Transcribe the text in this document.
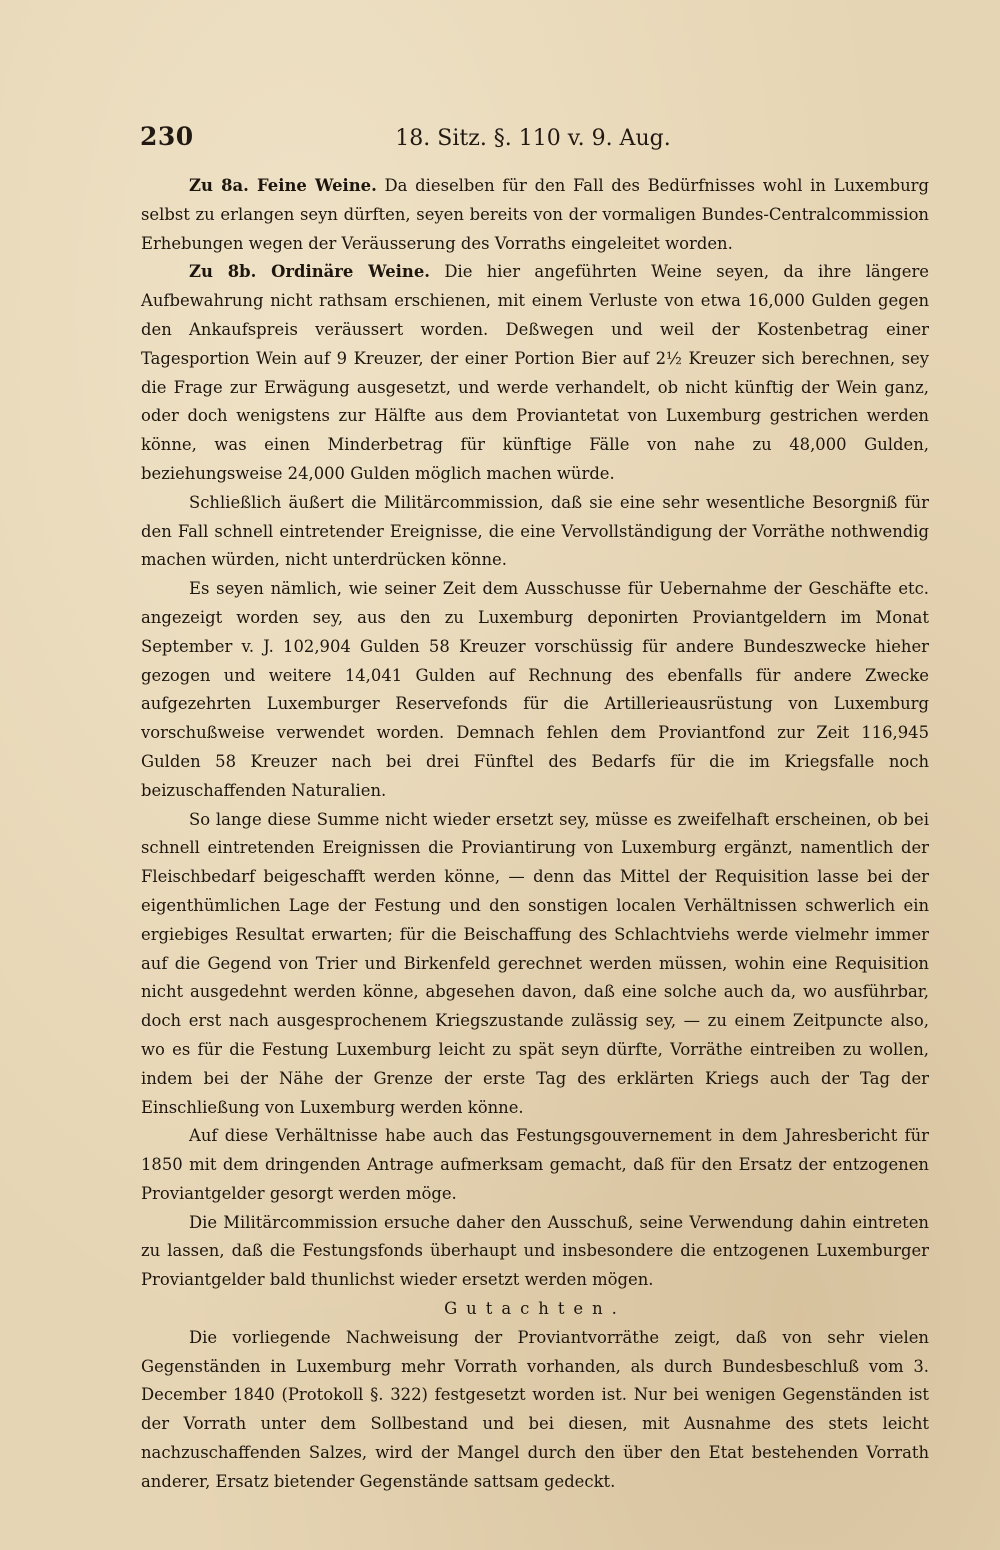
230	18. Sitz. §. 110 v. 9. Aug.

Zu 8a. Feine Weine. Da dieselben für den Fall des Bedürfnisses wohl in Luxemburg selbst zu erlangen seyn dürften, seyen bereits von der vormaligen Bundes-Centralcommission Erhebungen wegen der Veräusserung des Vorraths eingeleitet worden.

Zu 8b. Ordinäre Weine. Die hier angeführten Weine seyen, da ihre längere Aufbewahrung nicht rathsam erschienen, mit einem Verluste von etwa 16,000 Gulden gegen den Ankaufspreis veräussert worden. Deßwegen und weil der Kostenbetrag einer Tagesportion Wein auf 9 Kreuzer, der einer Portion Bier auf 2½ Kreuzer sich berechnen, sey die Frage zur Erwägung ausgesetzt, und werde verhandelt, ob nicht künftig der Wein ganz, oder doch wenigstens zur Hälfte aus dem Proviantetat von Luxemburg gestrichen werden könne, was einen Minderbetrag für künftige Fälle von nahe zu 48,000 Gulden, beziehungsweise 24,000 Gulden möglich machen würde.

Schließlich äußert die Militärcommission, daß sie eine sehr wesentliche Besorgniß für den Fall schnell eintretender Ereignisse, die eine Vervollständigung der Vorräthe nothwendig machen würden, nicht unterdrücken könne.

Es seyen nämlich, wie seiner Zeit dem Ausschusse für Uebernahme der Geschäfte etc. angezeigt worden sey, aus den zu Luxemburg deponirten Proviantgeldern im Monat September v. J. 102,904 Gulden 58 Kreuzer vorschüssig für andere Bundeszwecke hieher gezogen und weitere 14,041 Gulden auf Rechnung des ebenfalls für andere Zwecke aufgezehrten Luxemburger Reservefonds für die Artillerieausrüstung von Luxemburg vorschußweise verwendet worden. Demnach fehlen dem Proviantfond zur Zeit 116,945 Gulden 58 Kreuzer nach bei drei Fünftel des Bedarfs für die im Kriegsfalle noch beizuschaffenden Naturalien.

So lange diese Summe nicht wieder ersetzt sey, müsse es zweifelhaft erscheinen, ob bei schnell eintretenden Ereignissen die Proviantirung von Luxemburg ergänzt, namentlich der Fleischbedarf beigeschafft werden könne, — denn das Mittel der Requisition lasse bei der eigenthümlichen Lage der Festung und den sonstigen localen Verhältnissen schwerlich ein ergiebiges Resultat erwarten; für die Beischaffung des Schlachtviehs werde vielmehr immer auf die Gegend von Trier und Birkenfeld gerechnet werden müssen, wohin eine Requisition nicht ausgedehnt werden könne, abgesehen davon, daß eine solche auch da, wo ausführbar, doch erst nach ausgesprochenem Kriegszustande zulässig sey, — zu einem Zeitpuncte also, wo es für die Festung Luxemburg leicht zu spät seyn dürfte, Vorräthe eintreiben zu wollen, indem bei der Nähe der Grenze der erste Tag des erklärten Kriegs auch der Tag der Einschließung von Luxemburg werden könne.

Auf diese Verhältnisse habe auch das Festungsgouvernement in dem Jahresbericht für 1850 mit dem dringenden Antrage aufmerksam gemacht, daß für den Ersatz der entzogenen Proviantgelder gesorgt werden möge.

Die Militärcommission ersuche daher den Ausschuß, seine Verwendung dahin eintreten zu lassen, daß die Festungsfonds überhaupt und insbesondere die entzogenen Luxemburger Proviantgelder bald thunlichst wieder ersetzt werden mögen.

Gutachten.

Die vorliegende Nachweisung der Proviantvorräthe zeigt, daß von sehr vielen Gegenständen in Luxemburg mehr Vorrath vorhanden, als durch Bundesbeschluß vom 3. December 1840 (Protokoll §. 322) festgesetzt worden ist. Nur bei wenigen Gegenständen ist der Vorrath unter dem Sollbestand und bei diesen, mit Ausnahme des stets leicht nachzuschaffenden Salzes, wird der Mangel durch den über den Etat bestehenden Vorrath anderer, Ersatz bietender Gegenstände sattsam gedeckt.
